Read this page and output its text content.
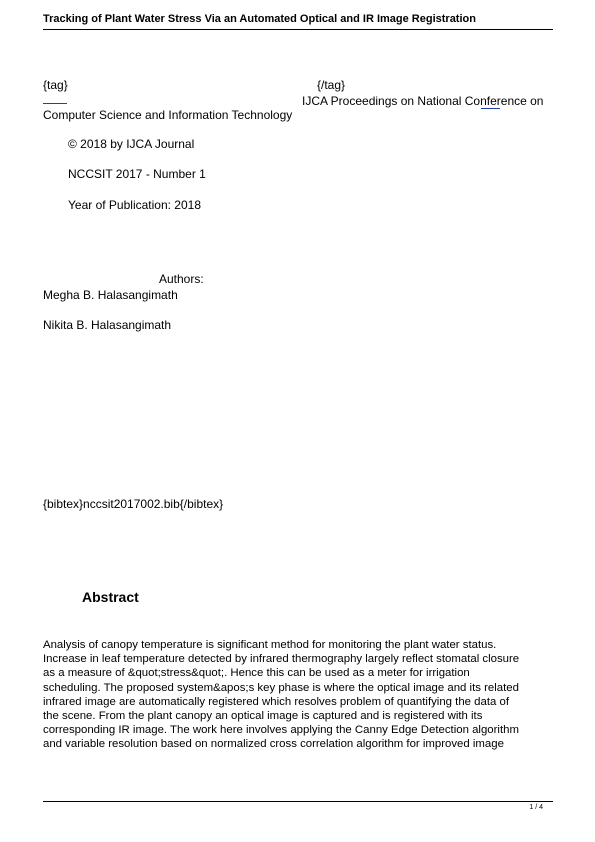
Tracking of Plant Water Stress Via an Automated Optical and IR Image Registration
{tag}	{/tag}
IJCA Proceedings on National Conference on
Computer Science and Information Technology
© 2018 by IJCA Journal
NCCSIT 2017 - Number 1
Year of Publication: 2018
Authors:
Megha B. Halasangimath
Nikita B. Halasangimath
{bibtex}nccsit2017002.bib{/bibtex}
Abstract
Analysis of canopy temperature is significant method for monitoring the plant water status.
Increase in leaf temperature detected by infrared thermography largely reflect stomatal closure
as a measure of &quot;stress&quot;. Hence this can be used as a meter for irrigation
scheduling. The proposed system&apos;s key phase is where the optical image and its related
infrared image are automatically registered which resolves problem of quantifying the data of
the scene. From the plant canopy an optical image is captured and is registered with its
corresponding IR image. The work here involves applying the Canny Edge Detection algorithm
and variable resolution based on normalized cross correlation algorithm for improved image
1 / 4
